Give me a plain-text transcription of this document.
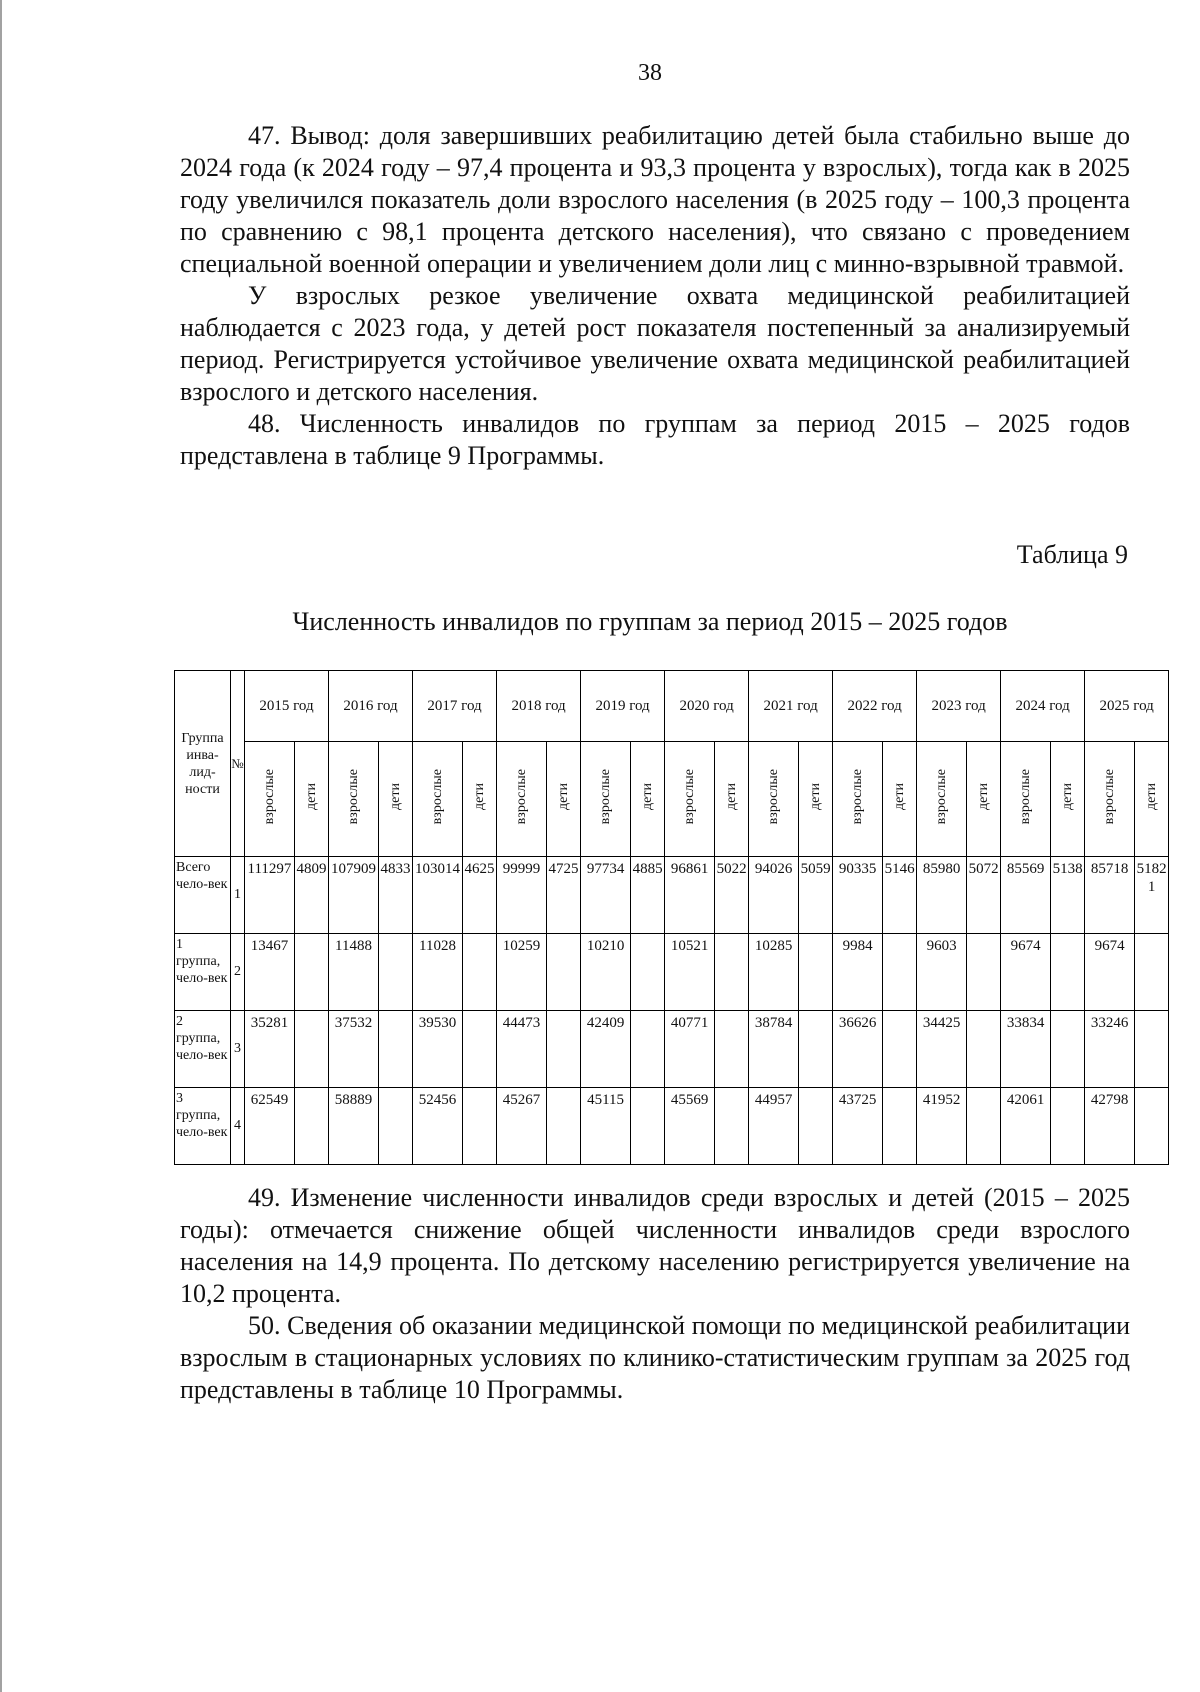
38

47. Вывод: доля завершивших реабилитацию детей была стабильно выше до 2024 года (к 2024 году – 97,4 процента и 93,3 процента у взрослых), тогда как в 2025 году увеличился показатель доли взрослого населения (в 2025 году – 100,3 процента по сравнению с 98,1 процента детского населения), что связано с проведением специальной военной операции и увеличением доли лиц с минно-взрывной травмой.

У взрослых резкое увеличение охвата медицинской реабилитацией наблюдается с 2023 года, у детей рост показателя постепенный за анализируемый период. Регистрируется устойчивое увеличение охвата медицинской реабилитацией взрослого и детского населения.

48. Численность инвалидов по группам за период 2015 – 2025 годов представлена в таблице 9 Программы.

Таблица 9
Численность инвалидов по группам за период 2015 – 2025 годов
Группа инва-лид-ности	№	2015 год		2016 год		2017 год		2018 год		2019 год		2020 год		2021 год		2022 год		2023 год		2024 год		2025 год	
		взрослые	дети	взрослые	дети	взрослые	дети	взрослые	дети	взрослые	дети	взрослые	дети	взрослые	дети	взрослые	дети	взрослые	дети	взрослые	дети	взрослые	дети
Всего чело-век	1	111297	4809	107909	4833	103014	4625	99999	4725	97734	4885	96861	5022	94026	5059	90335	5146	85980	5072	85569	5138	85718	51821
1 группа, чело-век	2	13467		11488		11028		10259		10210		10521		10285		9984		9603		9674		9674	
2 группа, чело-век	3	35281		37532		39530		44473		42409		40771		38784		36626		34425		33834		33246	
3 группа, чело-век	4	62549		58889		52456		45267		45115		45569		44957		43725		41952		42061		42798	

49. Изменение численности инвалидов среди взрослых и детей (2015 – 2025 годы): отмечается снижение общей численности инвалидов среди взрослого населения на 14,9 процента. По детскому населению регистрируется увеличение на 10,2 процента.

50. Сведения об оказании медицинской помощи по медицинской реабилитации взрослым в стационарных условиях по клинико-статистическим группам за 2025 год представлены в таблице 10 Программы.
